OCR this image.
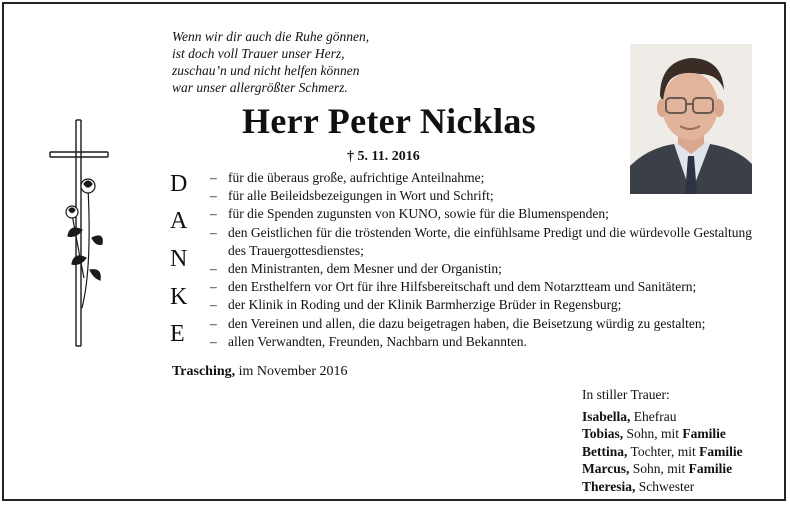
Wenn wir dir auch die Ruhe gönnen,
ist doch voll Trauer unser Herz,
zuschau’n und nicht helfen können
war unser allergrößter Schmerz.
Herr Peter Nicklas
† 5. 11. 2016
D
A
N
K
E
– für die überaus große, aufrichtige Anteilnahme;
– für alle Beileidsbezeigungen in Wort und Schrift;
– für die Spenden zugunsten von KUNO, sowie für die Blumenspenden;
– den Geistlichen für die tröstenden Worte, die einfühlsame Predigt und die würdevolle Gestaltung des Trauergottesdienstes;
– den Ministranten, dem Mesner und der Organistin;
– den Ersthelfern vor Ort für ihre Hilfsbereitschaft und dem Notarztteam und Sanitätern;
– der Klinik in Roding und der Klinik Barmherzige Brüder in Regensburg;
– den Vereinen und allen, die dazu beigetragen haben, die Beisetzung würdig zu gestalten;
– allen Verwandten, Freunden, Nachbarn und Bekannten.
Trasching, im November 2016
In stiller Trauer:
Isabella, Ehefrau
Tobias, Sohn, mit Familie
Bettina, Tochter, mit Familie
Marcus, Sohn, mit Familie
Theresia, Schwester
